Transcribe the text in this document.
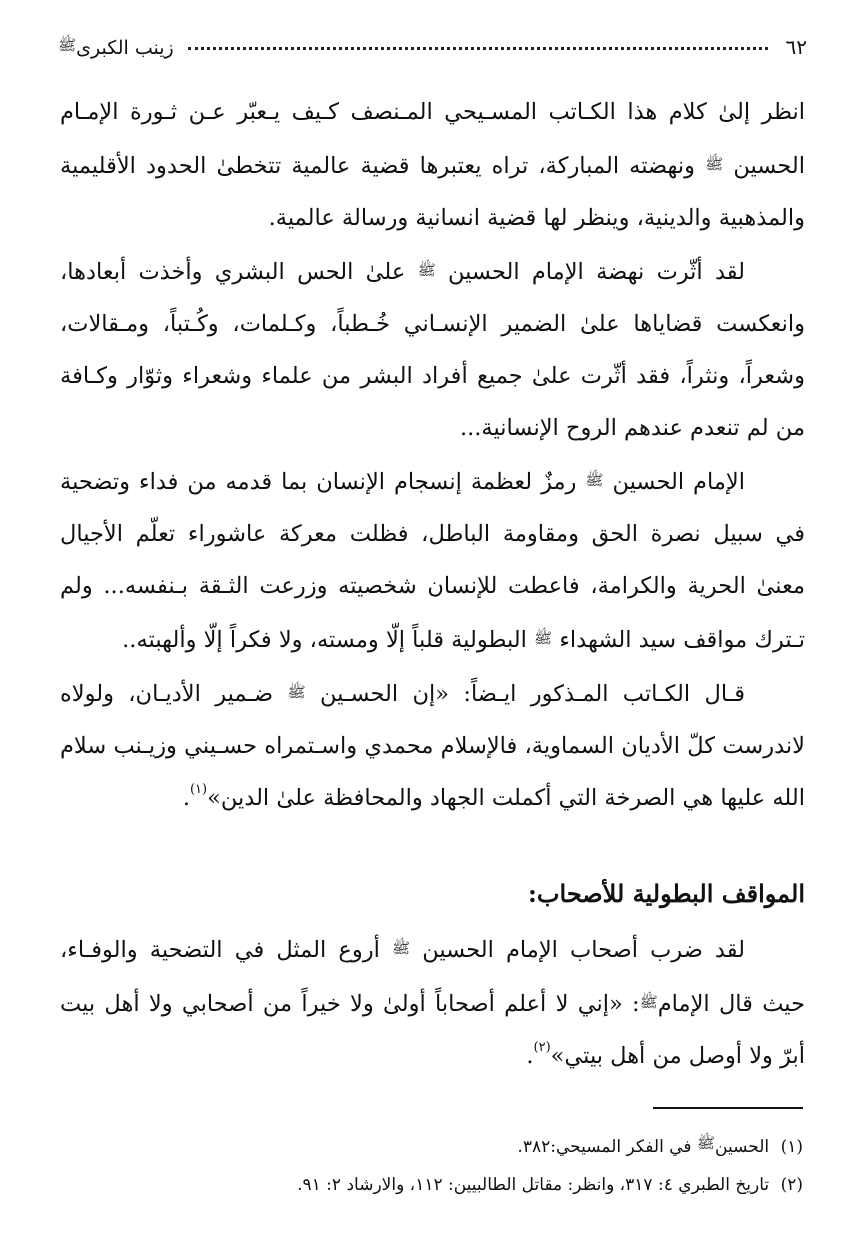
٦٢
زينب الكبرى$^ﷺ$

انظر إلىٰ كلام هذا الكـاتب المسـيحي المـنصف كـيف يـعبّر عـن ثـورة الإمـام الحسين ﷺ ونهضته المباركة، تراه يعتبرها قضية عالمية تتخطىٰ الحدود الأقليمية والمذهبية والدينية، وينظر لها قضية انسانية ورسالة عالمية.

لقد أثّرت نهضة الإمام الحسين ﷺ علىٰ الحس البشري وأخذت أبعادها، وانعكست قضاياها علىٰ الضمير الإنسـاني خُـطباً، وكـلمات، وكُـتباً، ومـقالات، وشعراً، ونثراً، فقد أثّرت علىٰ جميع أفراد البشر من علماء وشعراء وثوّار وكـافة من لم تنعدم عندهم الروح الإنسانية...

الإمام الحسين ﷺ رمزٌ لعظمة إنسجام الإنسان بما قدمه من فداء وتضحية في سبيل نصرة الحق ومقاومة الباطل، فظلت معركة عاشوراء تعلّم الأجيال معنىٰ الحرية والكرامة، فاعطت للإنسان شخصيته وزرعت الثـقة بـنفسه... ولم تـترك مواقف سيد الشهداء ﷺ البطولية قلباً إلّا ومسته، ولا فكراً إلّا وألهبته..

قـال الكـاتب المـذكور ايـضاً: «إن الحسـين ﷺ ضـمير الأديـان، ولولاه لاندرست كلّ الأديان السماوية، فالإسلام محمدي واسـتمراه حسـيني وزيـنب سلام الله عليها هي الصرخة التي أكملت الجهاد والمحافظة علىٰ الدين»$^{(١)}$.

المواقف البطولية للأصحاب:

لقد ضرب أصحاب الإمام الحسين ﷺ أروع المثل في التضحية والوفـاء، حيث قال الإمامﷺ: «إني لا أعلم أصحاباً أولىٰ ولا خيراً من أصحابي ولا أهل بيت أبرّ ولا أوصل من أهل بيتي»$^{(٢)}$.

(١) الحسينﷺ في الفكر المسيحي:٣٨٢.

(٢) تاريخ الطبري ٤: ٣١٧، وانظر: مقاتل الطالبيين: ١١٢، والارشاد ٢: ٩١.
